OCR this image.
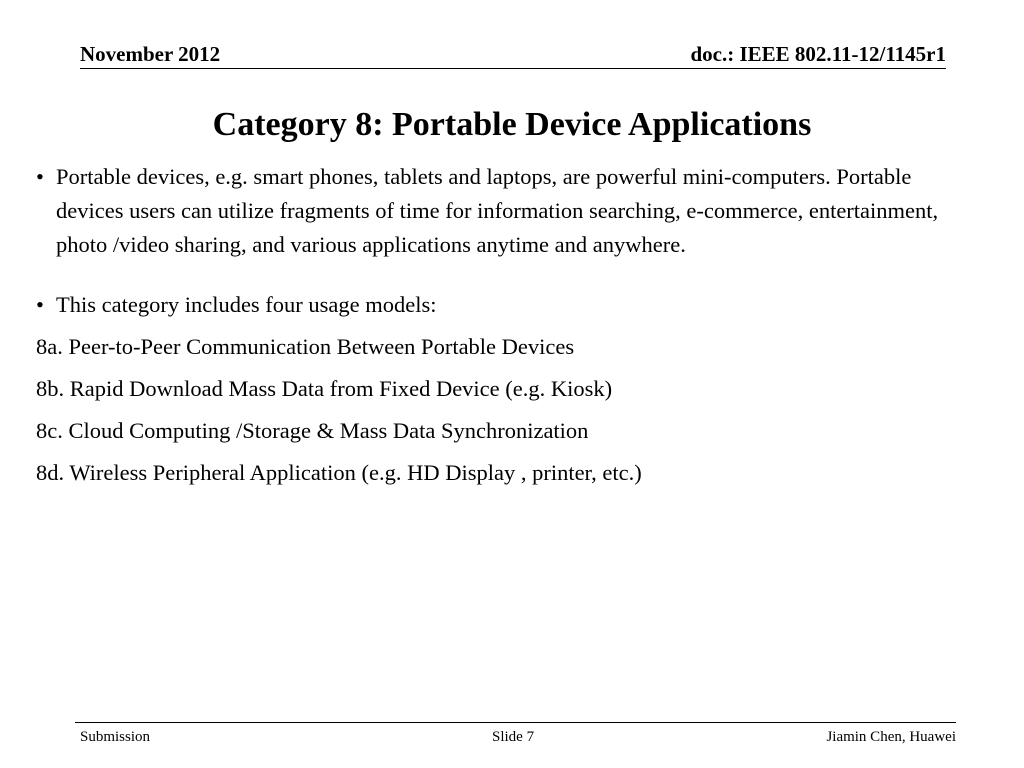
November 2012	doc.: IEEE 802.11-12/1145r1
Category 8: Portable Device Applications
• Portable devices, e.g. smart phones, tablets and laptops, are powerful mini-computers. Portable devices users can utilize fragments of time for information searching, e-commerce, entertainment, photo /video sharing, and various applications anytime and anywhere.
• This category includes four usage models:
8a. Peer-to-Peer Communication Between Portable Devices
8b. Rapid Download Mass Data from Fixed Device (e.g. Kiosk)
8c. Cloud Computing /Storage & Mass Data Synchronization
8d. Wireless Peripheral Application (e.g. HD Display , printer, etc.)
Submission	Slide 7	Jiamin Chen, Huawei
